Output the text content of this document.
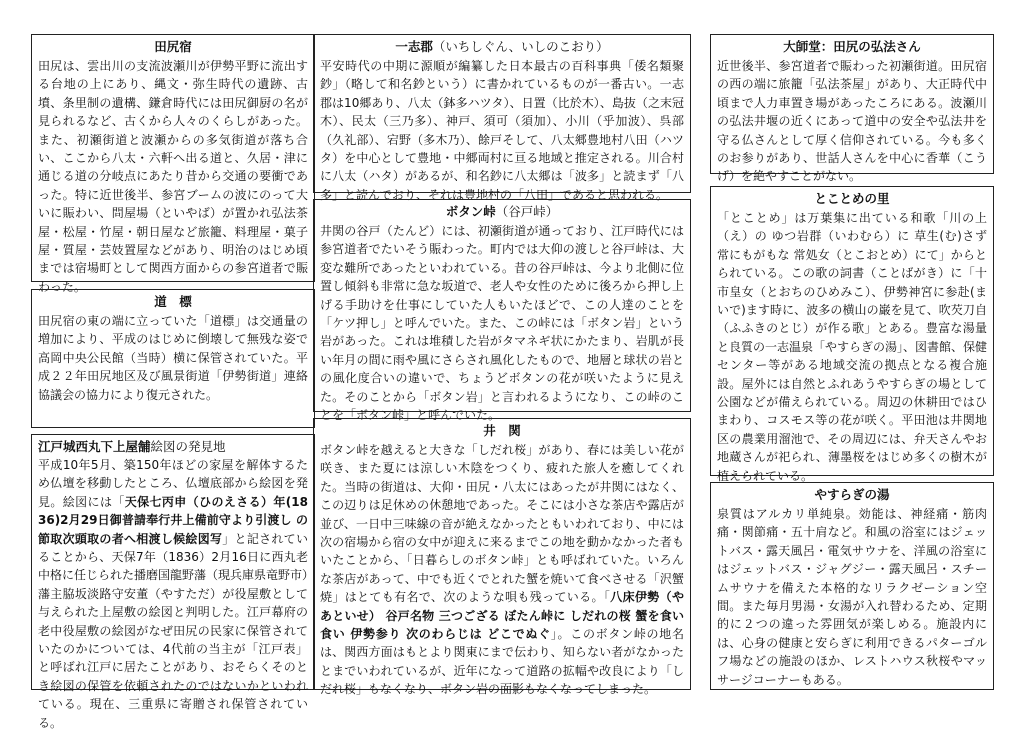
田尻宿
田尻は、雲出川の支流波瀬川が伊勢平野に流出する台地の上にあり、縄文・弥生時代の遺跡、古墳、条里制の遺構、鎌倉時代には田尻御厨の名が見られるなど、古くから人々のくらしがあった。また、初瀬街道と波瀬からの多気街道が落ち合い、ここから八太・六軒へ出る道と、久居・津に通じる道の分岐点にあたり昔から交通の要衝であった。特に近世後半、参宮ブームの波にのって大いに賑わい、問屋場（といやば）が置かれ弘法茶屋・松屋・竹屋・朝日屋など旅籠、料理屋・菓子屋・質屋・芸妓置屋などがあり、明治のはじめ頃までは宿場町として関西方面からの参宮道者で賑わった。
道　標
田尻宿の東の端に立っていた「道標」は交通量の増加により、平成のはじめに倒壊して無残な姿で高岡中央公民館（当時）横に保管されていた。平成２２年田尻地区及び風景街道「伊勢街道」連絡協議会の協力により復元された。
江戸城西丸下上屋舗絵図の発見地
平成10年5月、築150年ほどの家屋を解体するため仏壇を移動したところ、仏壇底部から絵図を発見。絵図には「天保七丙申（ひのえさる）年(1836)2月29日御普請奉行井上備前守より引渡し の節取次頭取の者へ相渡し候絵図写」と記されていることから、天保7年（1836）2月16日に西丸老中格に任じられた播磨国龍野藩（現兵庫県竜野市）藩主脇坂淡路守安董（やすただ）が役屋敷として与えられた上屋敷の絵図と判明した。江戸幕府の老中役屋敷の絵図がなぜ田尻の民家に保管されていたのかについては、4代前の当主が「江戸表」と呼ばれ江戸に居たことがあり、おそらくそのとき絵図の保管を依頼されたのではないかといわれている。現在、三重県に寄贈され保管されている。
一志郡（いちしぐん、いしのこおり）
平安時代の中期に源順が編纂した日本最古の百科事典「倭名類聚鈔」（略して和名鈔という）に書かれているものが一番古い。一志郡は10郷あり、八太（鉢多ハツタ）、日置（比於木）、島抜（之末冠木）、民太（三乃多）、神戸、須可（須加）、小川（乎加波）、呉部（久礼部）、宕野（多木乃）、餘戸そして、八太郷豊地村八田（ハツタ）を中心として豊地・中郷両村に亘る地域と推定される。川合村に八太（ハタ）があるが、和名鈔に八太郷は「波多」と読まず「八多」と読んでおり、それは豊地村の「八田」であると思われる。
ボタン峠（谷戸峠）
井関の谷戸（たんど）には、初瀬街道が通っており、江戸時代には参宮道者でたいそう賑わった。町内では大仰の渡しと谷戸峠は、大変な難所であったといわれている。昔の谷戸峠は、今より北側に位置し傾斜も非常に急な坂道で、老人や女性のために後ろから押し上げる手助けを仕事にしていた人もいたほどで、この人達のことを「ケツ押し」と呼んでいた。また、この峠には「ボタン岩」という岩があった。これは堆積した岩がタマネギ状にかたまり、岩肌が長い年月の間に雨や風にさらされ風化したもので、地層と球状の岩との風化度合いの違いで、ちょうどボタンの花が咲いたように見えた。そのことから「ボタン岩」と言われるようになり、この峠のことを「ボタン峠」と呼んでいた。
井　関
ボタン峠を越えると大きな「しだれ桜」があり、春には美しい花が咲き、また夏には涼しい木陰をつくり、疲れた旅人を癒してくれた。当時の街道は、大仰・田尻・八太にはあったが井関にはなく、この辺りは足休めの休憩地であった。そこには小さな茶店や露店が並び、一日中三味線の音が絶えなかったともいわれており、中には次の宿場から宿の女中が迎えに来るまでこの地を動かなかった者もいたことから、「日暮らしのボタン峠」とも呼ばれていた。いろんな茶店があって、中でも近くでとれた蟹を焼いて食べさせる「沢蟹焼」はとても有名で、次のような唄も残っている。「八床伊勢（やあといせ） 谷戸名物 三つござる ぼたん峠に しだれの桜 蟹を食い食い 伊勢参り 次のわらじは どこでぬぐ」。このボタン峠の地名は、関西方面はもとより関東にまで伝わり、知らない者がなかったとまでいわれているが、近年になって道路の拡幅や改良により「しだれ桜」もなくなり、ボタン岩の面影もなくなってしまった。
大師堂：田尻の弘法さん
近世後半、参宮道者で賑わった初瀬街道。田尻宿の西の端に旅籠「弘法茶屋」があり、大正時代中頃まで人力車置き場があったころにある。波瀬川の弘法井堰の近くにあって道中の安全や弘法井を守る仏さんとして厚く信仰されている。今も多くのお参りがあり、世話人さんを中心に香華（こうげ）を絶やすことがない。
とことめの里
「とことめ」は万葉集に出ている和歌「川の上（え）の ゆつ岩群（いわむら）に 草生(む)さず 常にもがもな 常処女（とこおとめ）にて」からとられている。この歌の詞書（ことばがき）に「十市皇女（とおちのひめみこ）、伊勢神宮に参赴(まいで)ます時に、波多の横山の巌を見て、吹芡刀自（ふふきのとじ）が作る歌」とある。豊富な湯量と良質の一志温泉「やすらぎの湯」、図書館、保健センター等がある地域交流の拠点となる複合施設。屋外には自然とふれあうやすらぎの場として公園などが備えられている。周辺の休耕田ではひまわり、コスモス等の花が咲く。平田池は井関地区の農業用溜池で、その周辺には、弁天さんやお地蔵さんが祀られ、薄墨桜をはじめ多くの樹木が植えられている。
やすらぎの湯
泉質はアルカリ単純泉。効能は、神経痛・筋肉痛・関節痛・五十肩など。和風の浴室にはジェットバス・露天風呂・電気サウナを、洋風の浴室にはジェットバス・ジャグジー・露天風呂・スチームサウナを備えた本格的なリラクゼーション空間。また毎月男湯・女湯が入れ替わるため、定期的に２つの違った雰囲気が楽しめる。施設内には、心身の健康と安らぎに利用できるパターゴルフ場などの施設のほか、レストハウス秋桜やマッサージコーナーもある。
